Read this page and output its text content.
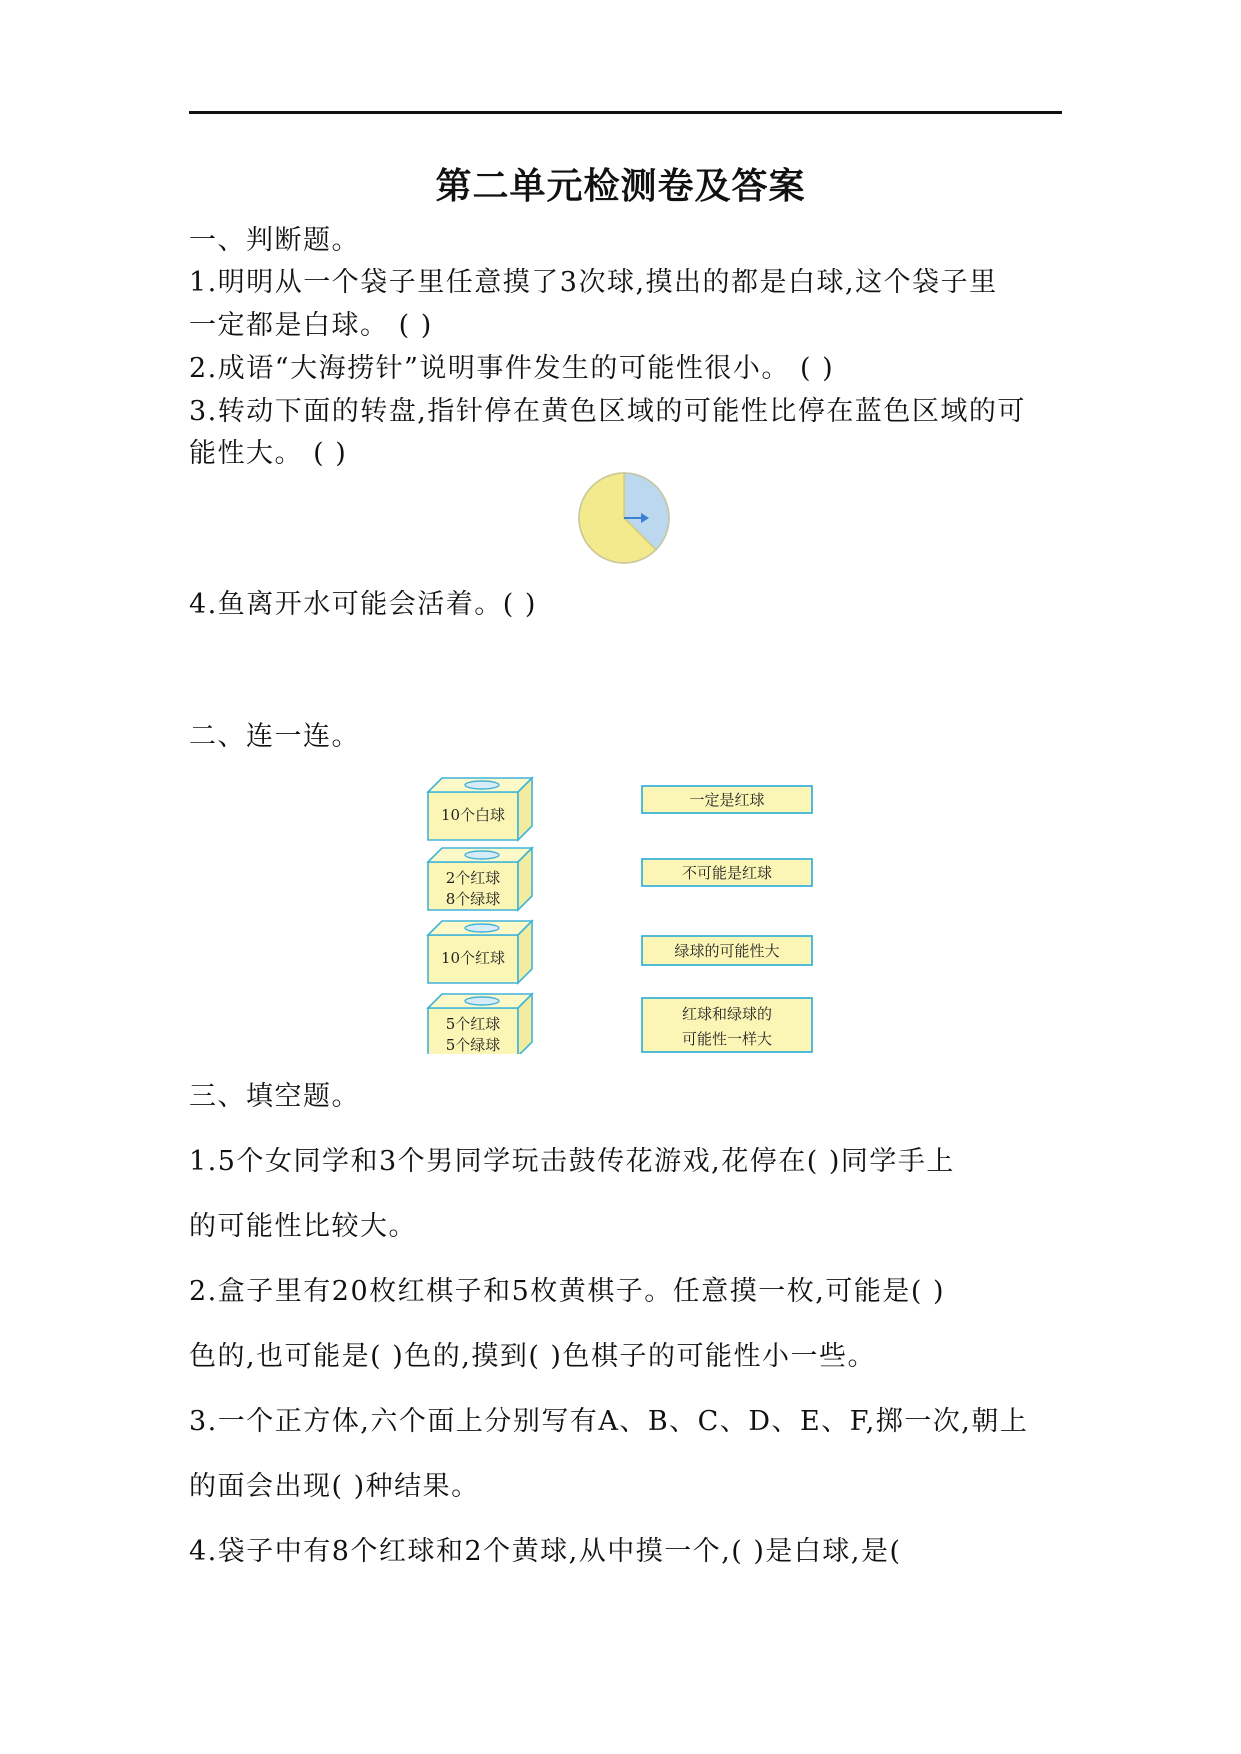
第二单元检测卷及答案
一、判断题。
1.明明从一个袋子里任意摸了3次球,摸出的都是白球,这个袋子里
一定都是白球。 ( )
2.成语“大海捞针”说明事件发生的可能性很小。 ( )
3.转动下面的转盘,指针停在黄色区域的可能性比停在蓝色区域的可
能性大。 ( )
4.鱼离开水可能会活着。( )
二、连一连。
10个白球
2个红球
8个绿球
10个红球
5个红球
5个绿球
一定是红球
不可能是红球
绿球的可能性大
红球和绿球的
可能性一样大
三、填空题。
1.5个女同学和3个男同学玩击鼓传花游戏,花停在( )同学手上
的可能性比较大。
2.盒子里有20枚红棋子和5枚黄棋子。任意摸一枚,可能是( )
色的,也可能是( )色的,摸到( )色棋子的可能性小一些。
3.一个正方体,六个面上分别写有A、B、C、D、E、F,掷一次,朝上
的面会出现( )种结果。
4.袋子中有8个红球和2个黄球,从中摸一个,( )是白球,是(
